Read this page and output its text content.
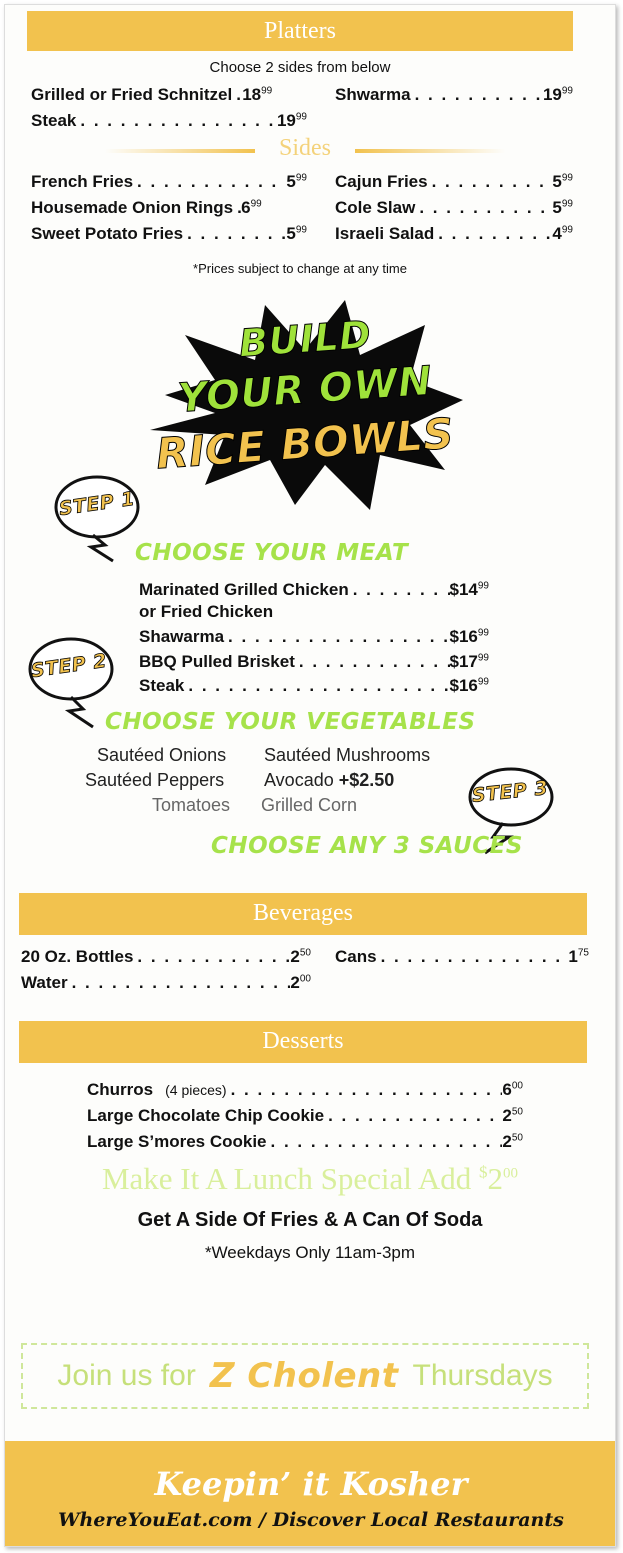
Platters
Choose 2 sides from below
Grilled or Fried Schnitzel . . . $18^{99}$	Shwarma . . .	$19^{99}$
Steak . . .	$19^{99}$
Sides
French Fries . . .	$5^{99}$ Cajun Fries . . .	$5^{99}$
Housemade Onion Rings . . . $6^{99}$	Cole Slaw . . .	$5^{99}$
Sweet Potato Fries . . .	$5^{99}$ Israeli Salad . . .	$4^{99}$
*Prices subject to change at any time
BUILD
YOUR OWN
RICE BOWLS
STEP 1
CHOOSE YOUR MEAT
Marinated Grilled Chicken . . .	$\$14^{99}$
or Fried Chicken
Shawarma . . .	$\$16^{99}$
BBQ Pulled Brisket . . .	$\$17^{99}$
Steak . . .	$\$16^{99}$
STEP 2
CHOOSE YOUR VEGETABLES
Sautéed Onions Sautéed Mushrooms
Sautéed Peppers Avocado +$2.50
Tomatoes Grilled Corn	STEP 3
CHOOSE ANY 3 SAUCES
Beverages
20 Oz. Bottles . . .	$2^{50}$ Cans . . .	$1^{75}$
Water . . .	$2^{00}$
Desserts
Churros (4 pieces) . . .	$6^{00}$
Large Chocolate Chip Cookie . . .	$2^{50}$
Large S’mores Cookie . . .	$2^{50}$
Make It A Lunch Special Add $^{\$}2^{00}$
Get A Side Of Fries & A Can Of Soda
*Weekdays Only 11am-3pm
Join us for Z Cholent Thursdays
Keepin’ it Kosher
WhereYouEat.com / Discover Local Restaurants
